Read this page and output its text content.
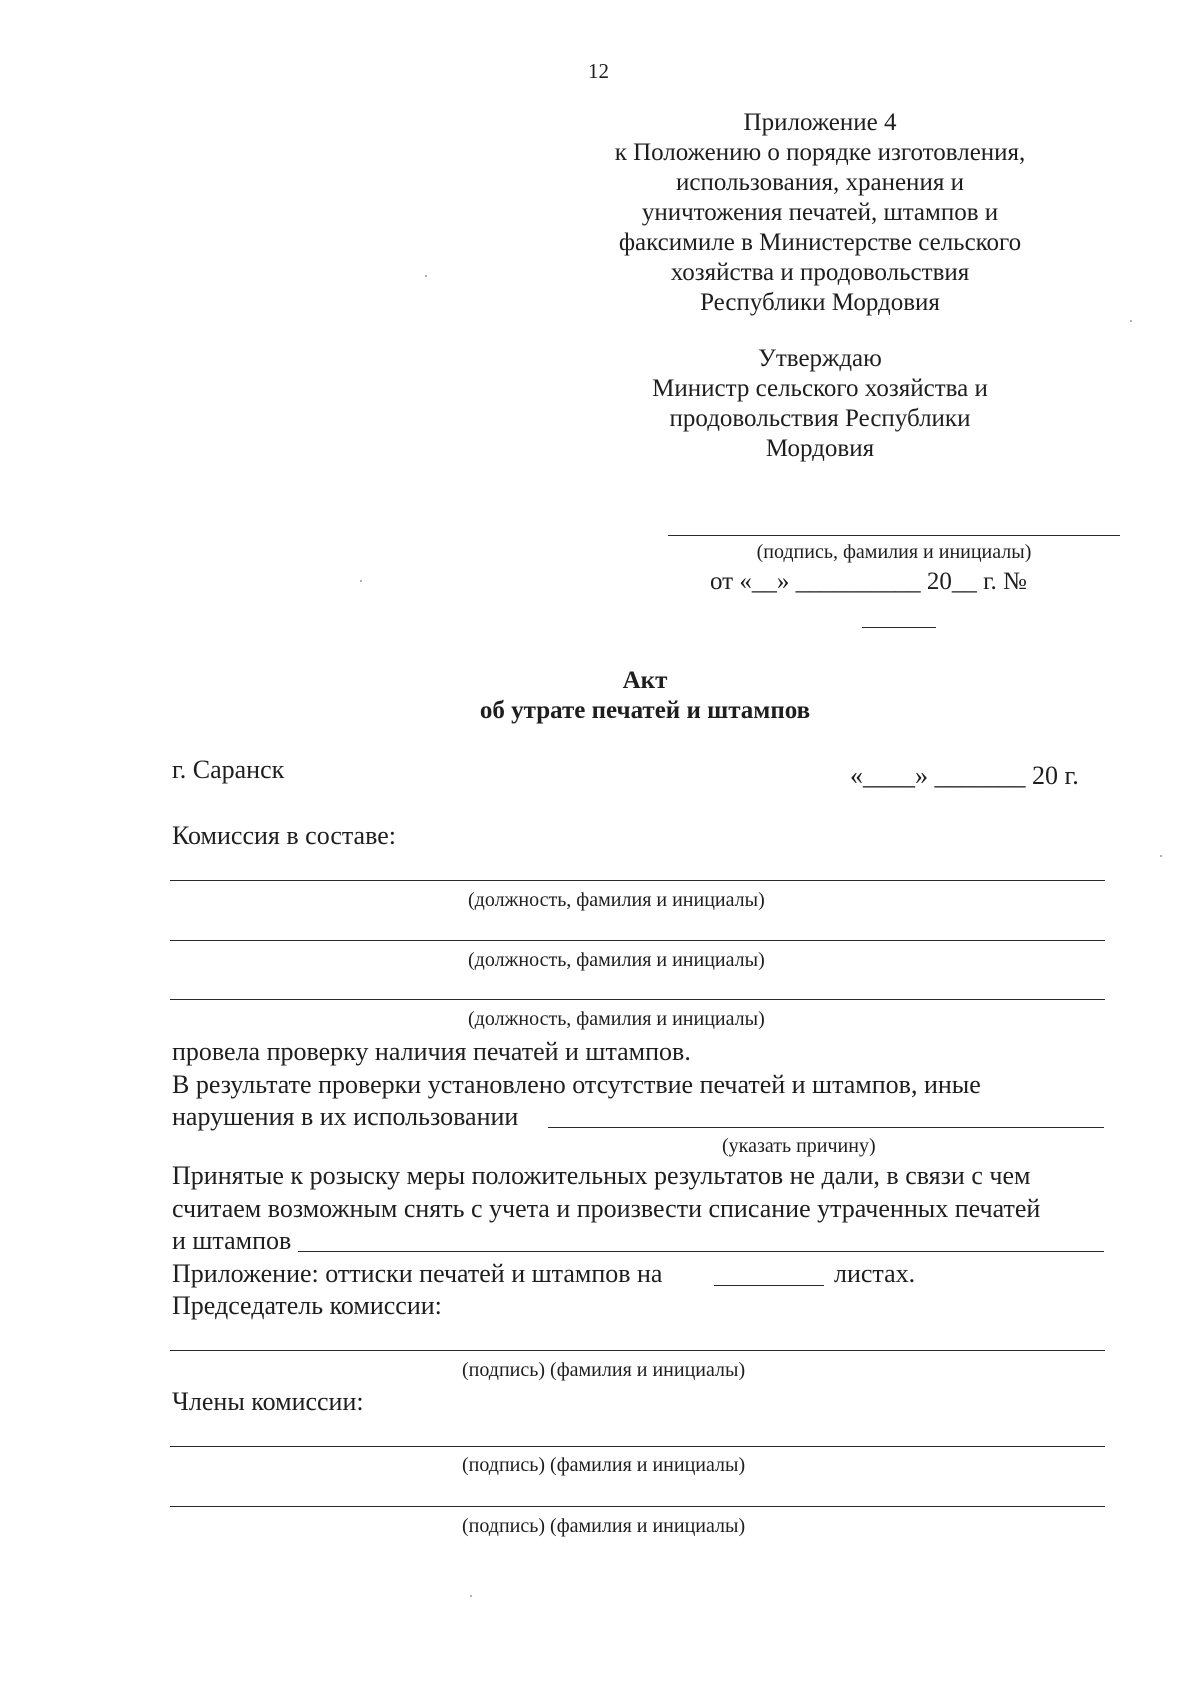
12
Приложение 4
к Положению о порядке изготовления,
использования, хранения и
уничтожения печатей, штампов и
факсимиле в Министерстве сельского
хозяйства и продовольствия
Республики Мордовия
Утверждаю
Министр сельского хозяйства и
продовольствия Республики
Мордовия
(подпись, фамилия и инициалы)
от «__» __________ 20__ г. №
Акт
об утрате печатей и штампов
г. Саранск	«____» _______ 20 г.
Комиссия в составе:
(должность, фамилия и инициалы)
(должность, фамилия и инициалы)
(должность, фамилия и инициалы)
провела проверку наличия печатей и штампов.
В результате проверки установлено отсутствие печатей и штампов, иные
нарушения в их использовании
(указать причину)
Принятые к розыску меры положительных результатов не дали, в связи с чем
считаем возможным снять с учета и произвести списание утраченных печатей
и штампов
Приложение: оттиски печатей и штампов на	листах.
Председатель комиссии:
(подпись) (фамилия и инициалы)
Члены комиссии:
(подпись) (фамилия и инициалы)
(подпись) (фамилия и инициалы)
